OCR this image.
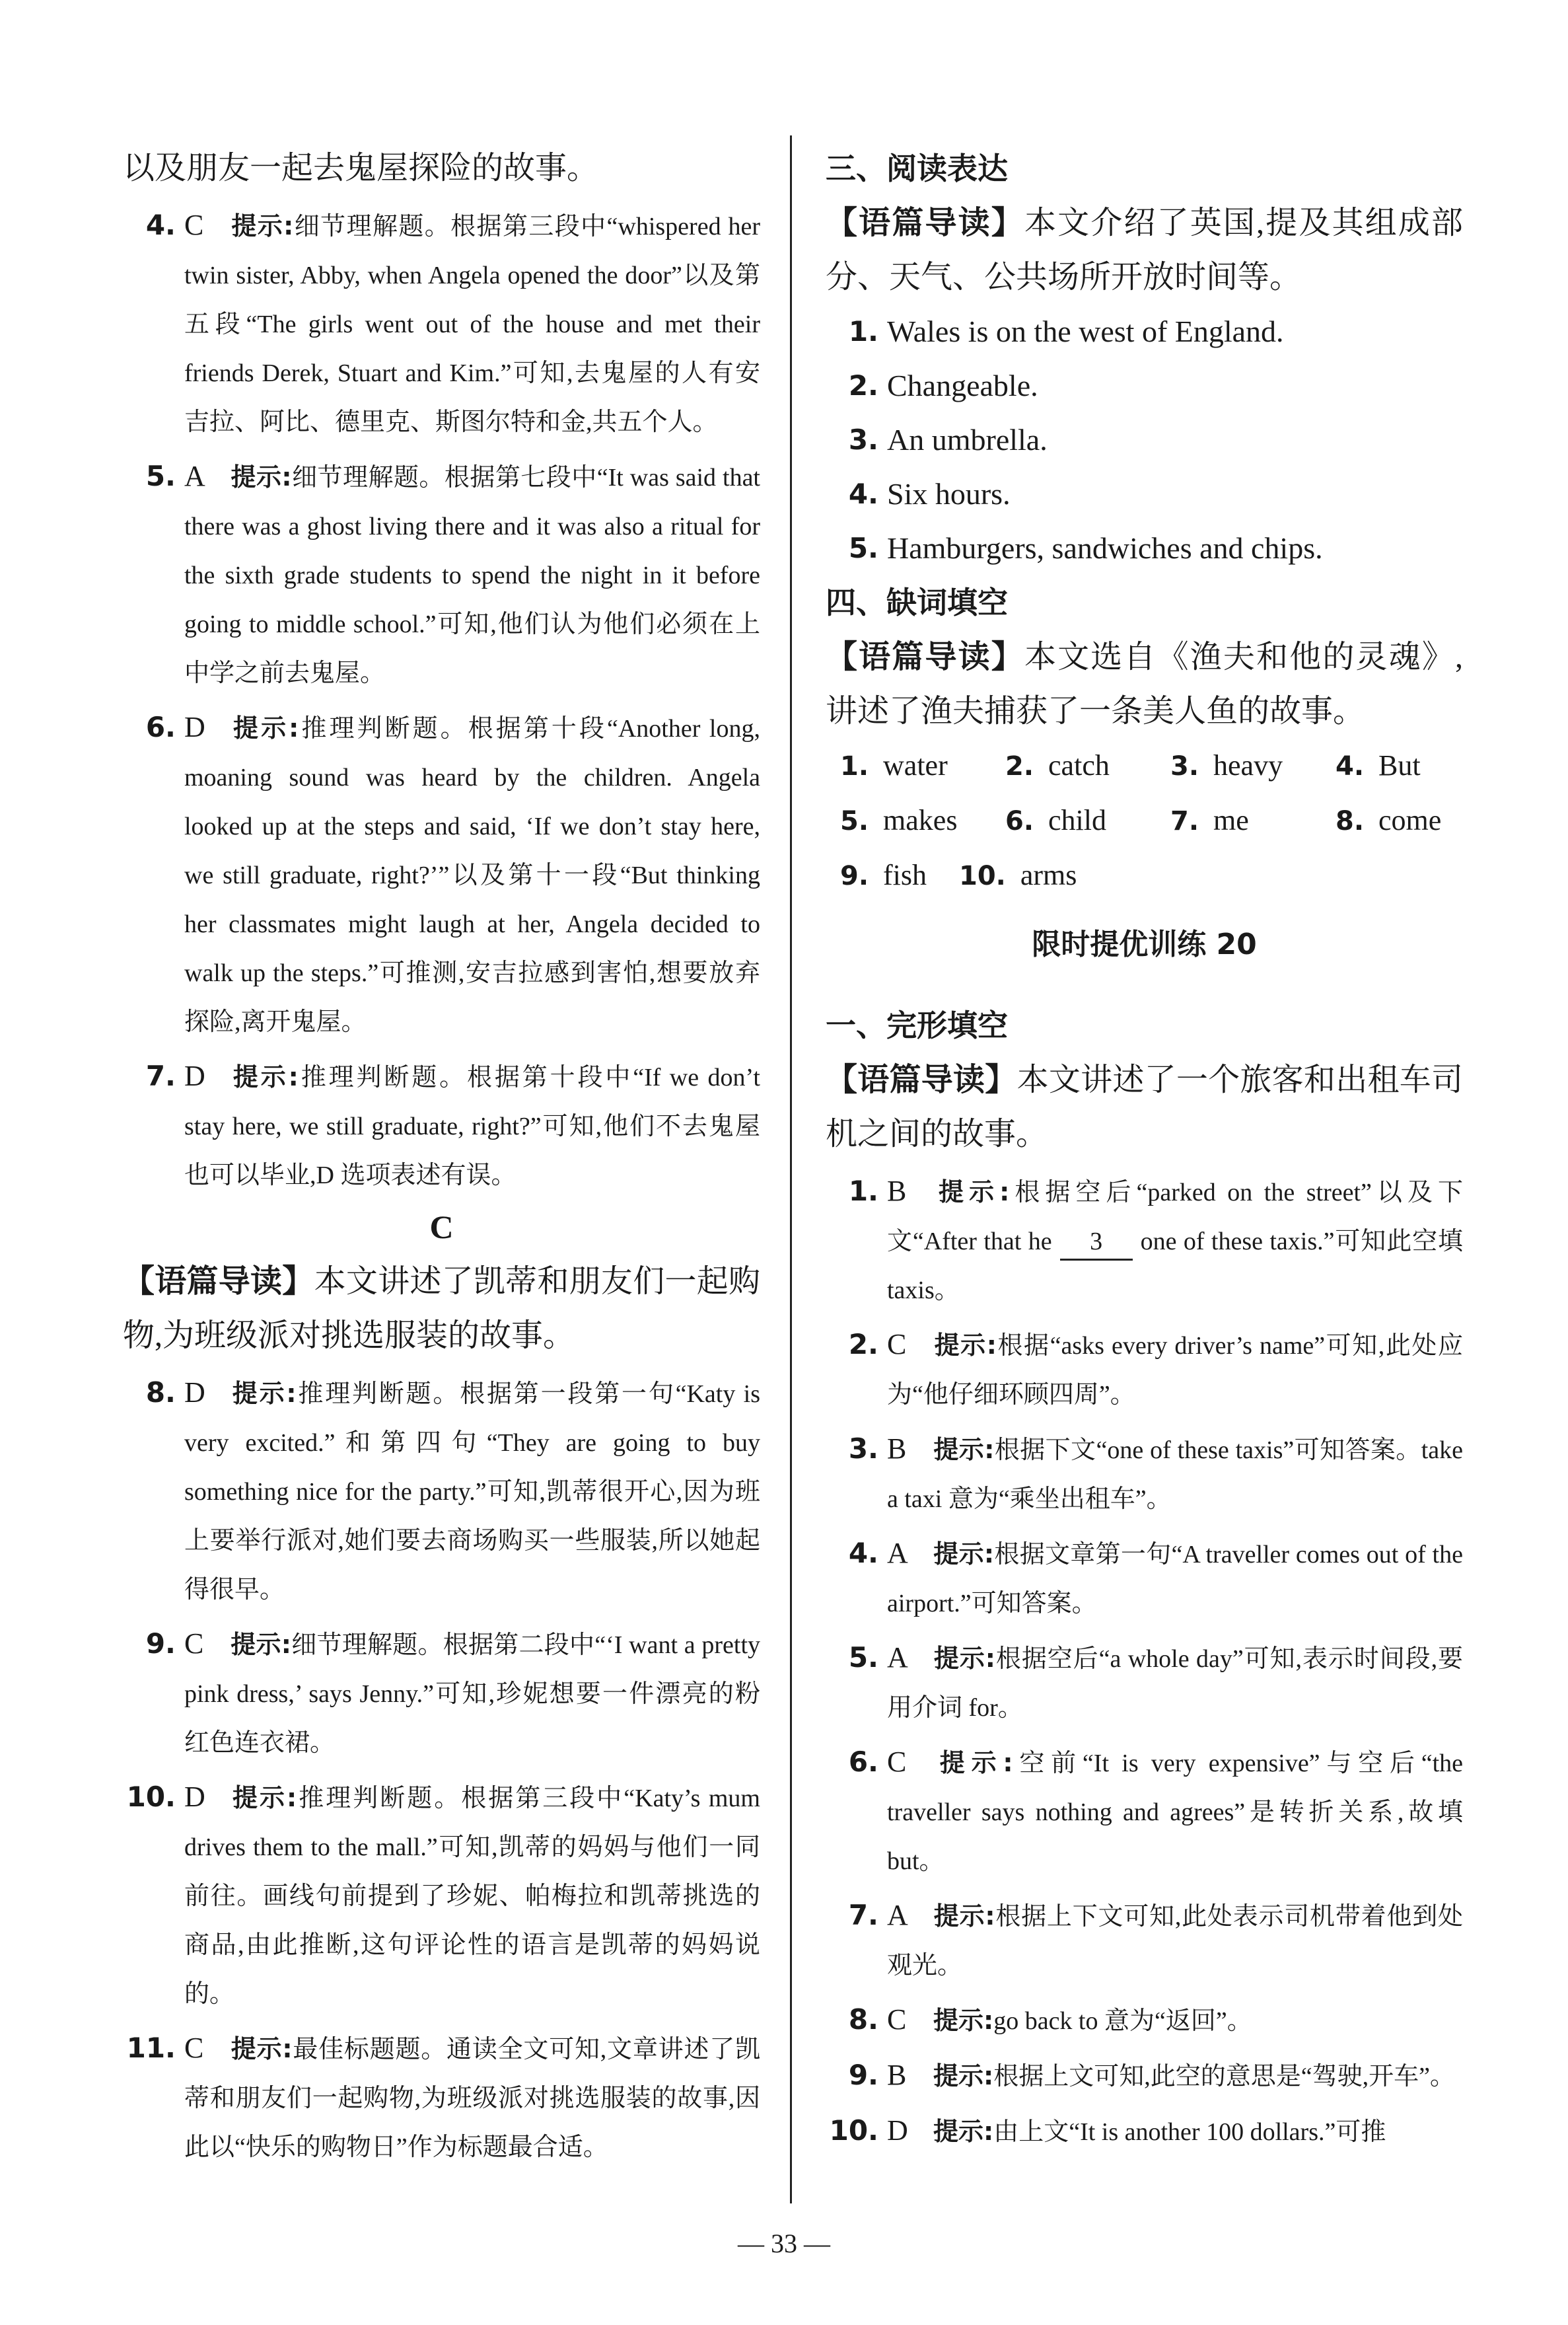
以及朋友一起去鬼屋探险的故事。
4. C 提示:细节理解题。根据第三段中“whispered her twin sister, Abby, when Angela opened the door”以及第五段“The girls went out of the house and met their friends Derek, Stuart and Kim.”可知,去鬼屋的人有安吉拉、阿比、德里克、斯图尔特和金,共五个人。
5. A 提示:细节理解题。根据第七段中“It was said that there was a ghost living there and it was also a ritual for the sixth grade students to spend the night in it before going to middle school.”可知,他们认为他们必须在上中学之前去鬼屋。
6. D 提示:推理判断题。根据第十段“Another long, moaning sound was heard by the children. Angela looked up at the steps and said, ‘If we don’t stay here, we still graduate, right?’”以及第十一段“But thinking her classmates might laugh at her, Angela decided to walk up the steps.”可推测,安吉拉感到害怕,想要放弃探险,离开鬼屋。
7. D 提示:推理判断题。根据第十段中“If we don’t stay here, we still graduate, right?”可知,他们不去鬼屋也可以毕业,D 选项表述有误。
C
【语篇导读】本文讲述了凯蒂和朋友们一起购物,为班级派对挑选服装的故事。
8. D 提示:推理判断题。根据第一段第一句“Katy is very excited.”和第四句“They are going to buy something nice for the party.”可知,凯蒂很开心,因为班上要举行派对,她们要去商场购买一些服装,所以她起得很早。
9. C 提示:细节理解题。根据第二段中“‘I want a pretty pink dress,’ says Jenny.”可知,珍妮想要一件漂亮的粉红色连衣裙。
10. D 提示:推理判断题。根据第三段中“Katy’s mum drives them to the mall.”可知,凯蒂的妈妈与他们一同前往。画线句前提到了珍妮、帕梅拉和凯蒂挑选的商品,由此推断,这句评论性的语言是凯蒂的妈妈说的。
11. C 提示:最佳标题题。通读全文可知,文章讲述了凯蒂和朋友们一起购物,为班级派对挑选服装的故事,因此以“快乐的购物日”作为标题最合适。
三、阅读表达
【语篇导读】本文介绍了英国,提及其组成部分、天气、公共场所开放时间等。
1. Wales is on the west of England.
2. Changeable.
3. An umbrella.
4. Six hours.
5. Hamburgers, sandwiches and chips.
四、缺词填空
【语篇导读】本文选自《渔夫和他的灵魂》,讲述了渔夫捕获了一条美人鱼的故事。
1. water 2. catch 3. heavy 4. But
5. makes 6. child 7. me	8. come
9. fish 10. arms
限时提优训练 20
一、完形填空
【语篇导读】本文讲述了一个旅客和出租车司机之间的故事。
1. B 提示:根据空后“parked on the street”以及下文“After that he 3 one of these taxis.”可知此空填 taxis。
2. C 提示:根据“asks every driver’s name”可知,此处应为“他仔细环顾四周”。
3. B 提示:根据下文“one of these taxis”可知答案。take a taxi 意为“乘坐出租车”。
4. A 提示:根据文章第一句“A traveller comes out of the airport.”可知答案。
5. A 提示:根据空后“a whole day”可知,表示时间段,要用介词 for。
6. C 提示:空前“It is very expensive”与空后“the traveller says nothing and agrees”是转折关系,故填 but。
7. A 提示:根据上下文可知,此处表示司机带着他到处观光。
8. C 提示:go back to 意为“返回”。
9. B 提示:根据上文可知,此空的意思是“驾驶,开车”。
10. D 提示:由上文“It is another 100 dollars.”可推
— 33 —
